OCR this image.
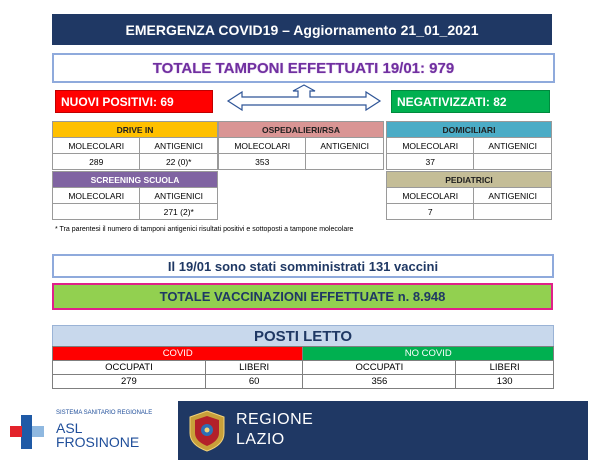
EMERGENZA COVID19 – Aggiornamento 21_01_2021
TOTALE TAMPONI EFFETTUATI 19/01: 979
NUOVI POSITIVI: 69	NEGATIVIZZATI: 82
DRIVE IN	
MOLECOLARI	ANTIGENICI
289	22 (0)*
OSPEDALIERI/RSA	
MOLECOLARI	ANTIGENICI
353	
DOMICILIARI	
MOLECOLARI	ANTIGENICI
37	
SCREENING SCUOLA	
MOLECOLARI	ANTIGENICI
	271 (2)*
PEDIATRICI	
MOLECOLARI	ANTIGENICI
7	
* Tra parentesi il numero di tamponi antigenici risultati positivi e sottoposti a tampone molecolare
Il 19/01 sono stati somministrati 131 vaccini
TOTALE VACCINAZIONI EFFETTUATE n. 8.948
POSTI LETTO
COVID		NO COVID	
OCCUPATI	LIBERI	OCCUPATI	LIBERI
279	60	356	130
SISTEMA SANITARIO REGIONALE
ASL
FROSINONE
REGIONE
LAZIO
